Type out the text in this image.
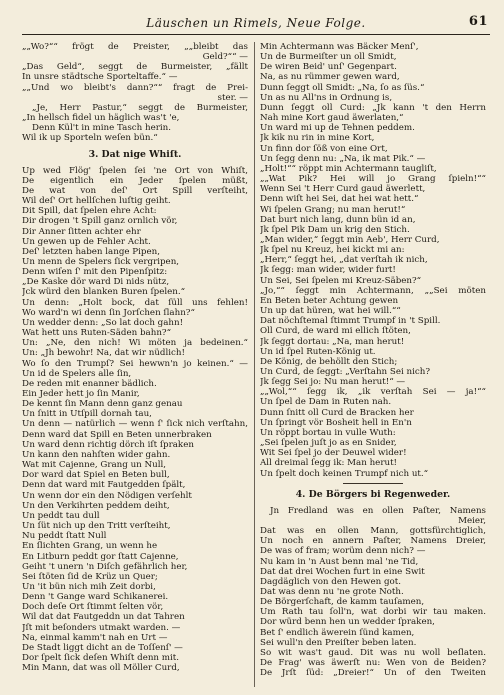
Läuschen un Rimels, Neue Folge.	61
„„Wo?““ frögt de Preister, „„bleibt das
Geld?““ —
„Das Geld“, seggt de Burmeister, „fällt
In unsre städtsche Sporteltaffe.“ —
„„Und wo bleibt's dann?““ fragt de Prei-
ster. —
„Je, Herr Pastur,“ seggt de Burmeister,
„In hellsch fidel un häglich was't 'e,
Denn Kül't in mine Tasch herin.
Wil ik up Sporteln weſen bün.“
3. Dat nige Whiſt.
Up wed Flög' ſpelen ſei 'ne Ort von Whiſt,
De eigentlich ein Jeder ſpelen müßt,
De wat von deſ' Ort Spill verſteiht,
Wil deſ' Ort hellſchen luſtig geiht.
Dit Spill, dat ſpelen ehre Acht:
Dir drogen 't Spill ganz ornlich vör,
Dir Anner ſitten achter ehr
Un gewen up de Fehler Acht.
Deſ' letzten haben lange Pipen,
Un menn de Spelers ſick vergripen,
Denn wiſen ſ' mit den Pipenſpitz:
„De Kaske dör ward Di nids nütz,
Jck würd den blanken Buren ſpelen.“
Un denn: „Holt bock, dat ſüll uns fehlen!
Wo ward'n wi denn ſin Jorſchen ſlahn?“
Un wedder denn: „So lat doch gahn!
Wat hett uns Ruten-Säden bahn?“
Un: „Ne, den nich! Wi möten ja bedeinen.“
Un: „Jh bewohr! Na, dat wir nüdlich!
Wo ſo den Trumpſ? Sei hewwn'n jo keinen.“ —
Un id de Spelers alle ſin,
De reden mit enanner bädlich.
Ein Jeder hett jo ſin Manir,
De kennt ſin Mann denn ganz genau
Un ſnitt in Utſpill dornah tau,
Un denn — natürlich — wenn ſ' ſick nich verſtahn,
Denn ward dat Spill en Beten unnerbraken
Un ward denn richtig dörch iſt ſpraken
Un kann den nahſten wider gahn.
Wat mit Cajenne, Grang un Null,
Dor ward dat Spiel en Beten bull,
Denn dat ward mit Fautgedden ſpält,
Un wenn dor ein den Nödigen verſehlt
Un den Verkihrten peddem deiht,
Un peddt tau dull
Un ſüt nich up den Tritt verſteiht,
Nu peddt ſtatt Null
En ſlichten Grang, un wenn he
En Litburn peddt gor ſtatt Cajenne,
Geiht 't unern 'n Diſch gefährlich her,
Sei ſtöten ſid de Krüz un Quer;
Un 'it bün nich mih Zeit dorbi,
Denn 't Gange ward Schikanerei.
Doch deſe Ort ſtimmt ſelten vör,
Wil dat dat Fautgeddn un dat Tahren
Jſt mit beſonders utmakt warden. —
Na, einmal kamm't nah en Urt —
De Stadt liggt dicht an de Toſſenſ' —
Dor ſpelt ſick deſen Whiſt denn mit.
Min Mann, dat was oll Möller Curd,
Min Achtermann was Bäcker Menſ',
Un de Burmeiſter un oll Smidt,
De wiren Beid' unſ' Gegenpart.
Na, as nu rümmer gewen ward,
Dunn ſeggt oll Smidt: „Na, ſo as ſüs.“
Un as nu All'ns in Ordnung is,
Dunn ſeggt oll Curd: „Jk kann 't den Herrn
Nah mine Kort gaud äwerlaten,“
Un ward mi up de Tehnen peddem.
Jk kik nu rin in mine Kort,
Un finn dor ſöß von eine Ort,
Un ſegg denn nu: „Na, ik mat Pik.“ —
„Holt!““ röppt min Achtermann taugliſt,
„„Wat Pik? Hei will jo Grang ſpieln!““
Wenn Sei 't Herr Curd gaud äwerlett,
Denn wiſt hei Sei, dat hei wat hett.“
Wi ſpelen Grang; nu man herut!“
Dat burt nich lang, dunn bün id an,
Jk ſpel Pik Dam un krig den Stich.
„Man wider,“ ſeggt min Aeb', Herr Curd,
Jk ſpel nu Kreuz, hei kickt mi an:
„Herr,“ ſeggt hei, „dat verſtah ik nich,
Jk ſegg: man wider, wider furt!
Un Sei, Sei ſpelen mi Kreuz-Säben?“
„Jo,““ ſeggt min Achtermann, „„Sei möten
En Beten beter Achtung gewen
Un up dat hüren, wat hei will.““
Dat nöchſtemal ſtimmt Trumpf in 't Spill.
Oll Curd, de ward mi ellich ſtöten,
Jk ſeggt dortau: „Na, man herut!
Un id ſpel Ruten-König ut.
De König, de behöllt den Stich;
Un Curd, de ſeggt: „Verſtahn Sei nich?
Jk ſegg Sei jo: Nu man herut!“ —
„„Wol,““ ſegg ik, „ik verſtah Sei — ja!““
Un ſpel de Dam in Ruten nah.
Dunn ſnitt oll Curd de Bracken her
Un ſpringt vör Bosheit hell in En'n
Un röppt bortau in vulle Wuth:
„Sei ſpelen juſt jo as en Snider,
Wit Sei ſpel jo der Deuwel wider!
All dreimal ſegg ik: Man herut!
Un ſpelt doch keinen Trumpf nich ut.“
4. De Börgers bi Regenweder.
Jn Fredland was en ollen Paſter, Namens
Meier,
Dat was en ollen Mann, gottsfürchtiglich,
Un noch en annern Paſter, Namens Dreier,
De was of fram; worüm denn nich? —
Nu kam in 'n Aust benn mal 'ne Tid,
Dat dat drei Wochen furt in eine Swit
Dagdäglich von den Hewen got.
Dat was denn nu 'ne grote Noth.
De Börgerſchaft, de kamm tauſamen,
Um Rath tau ſoll'n, wat dorbi wir tau maken.
Dor würd benn hen un wedder ſpraken,
Bet ſ' endlich äwerein ſünd kamen,
Sei wull'n den Preiſter beben laten.
So wit was't gaud. Dit was nu woll beſlaten.
De Frag' was äwerſt nu: Wen von de Beiden?
De Jrſt ſüd: „Dreier!“ Un of den Tweiten
